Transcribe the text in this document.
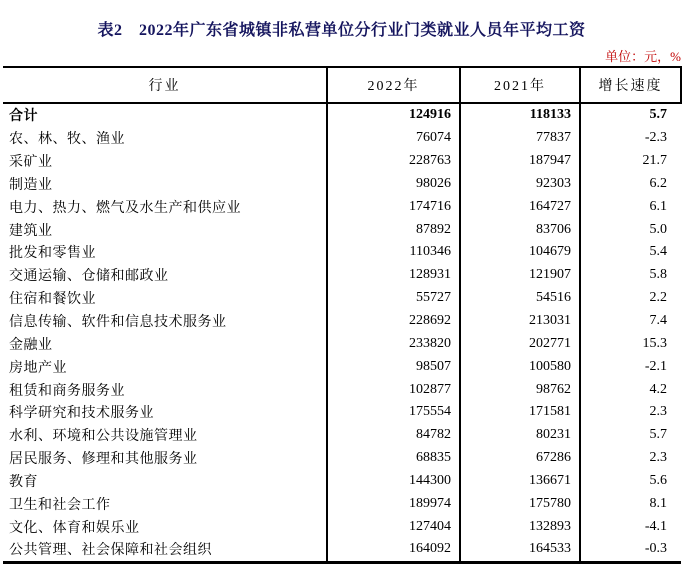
表2　2022年广东省城镇非私营单位分行业门类就业人员年平均工资
单位：元，%
行业	2022年	2021年	增长速度
合计	124916	118133	5.7
农、林、牧、渔业	76074	77837	-2.3
采矿业	228763	187947	21.7
制造业	98026	92303	6.2
电力、热力、燃气及水生产和供应业	174716	164727	6.1
建筑业	87892	83706	5.0
批发和零售业	110346	104679	5.4
交通运输、仓储和邮政业	128931	121907	5.8
住宿和餐饮业	55727	54516	2.2
信息传输、软件和信息技术服务业	228692	213031	7.4
金融业	233820	202771	15.3
房地产业	98507	100580	-2.1
租赁和商务服务业	102877	98762	4.2
科学研究和技术服务业	175554	171581	2.3
水利、环境和公共设施管理业	84782	80231	5.7
居民服务、修理和其他服务业	68835	67286	2.3
教育	144300	136671	5.6
卫生和社会工作	189974	175780	8.1
文化、体育和娱乐业	127404	132893	-4.1
公共管理、社会保障和社会组织	164092	164533	-0.3
